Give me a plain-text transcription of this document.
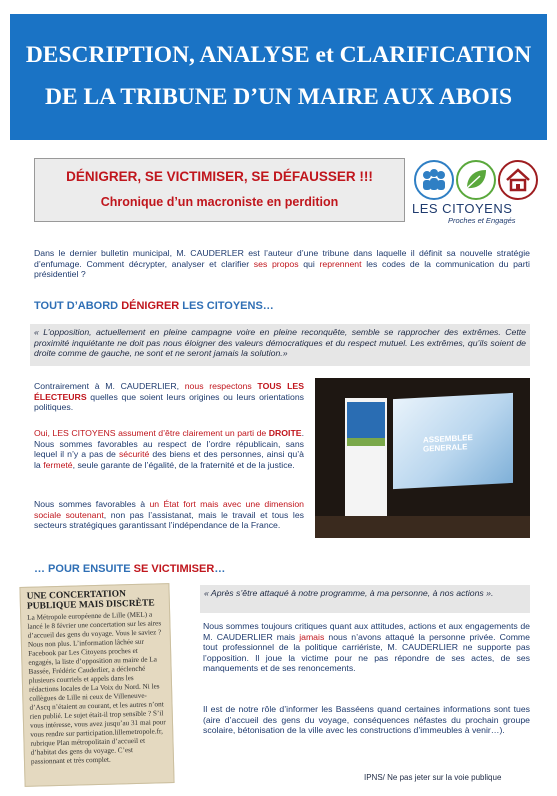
DESCRIPTION, ANALYSE et CLARIFICATION
DE LA TRIBUNE D’UN MAIRE AUX ABOIS
DÉNIGRER, SE VICTIMISER, SE DÉFAUSSER !!!
Chronique d’un macroniste en perdition	LES CITOYENS
Proches et Engagés
Dans le dernier bulletin municipal, M. CAUDERLER est l’auteur d’une tribune dans laquelle il définit sa nouvelle stratégie d’enfumage. Comment décrypter, analyser et clarifier ses propos qui reprennent les codes de la communication du parti présidentiel ?
TOUT D’ABORD DÉNIGRER LES CITOYENS…
« L’opposition, actuellement en pleine campagne voire en pleine reconquête, semble se rapprocher des extrêmes. Cette proximité inquiétante ne doit pas nous éloigner des valeurs démocratiques et du respect mutuel. Les extrêmes, qu’ils soient de droite comme de gauche, ne sont et ne seront jamais la solution.»
Contrairement à M. CAUDERLIER, nous respectons TOUS LES ÉLECTEURS quelles que soient leurs origines ou leurs orientations politiques.
Oui, LES CITOYENS assument d’être clairement un parti de DROITE. Nous sommes favorables au respect de l’ordre républicain, sans lequel il n’y a pas de sécurité des biens et des personnes, ainsi qu’à la fermeté, seule garante de l’égalité, de la fraternité et de la justice.
Nous sommes favorables à un État fort mais avec une dimension sociale soutenant, non pas l’assistanat, mais le travail et tous les secteurs stratégiques garantissant l’indépendance de la France.
ASSEMBLEE GENERALE
… POUR ENSUITE SE VICTIMISER…
UNE CONCERTATION PUBLIQUE MAIS DISCRÈTE
La Métropole européenne de Lille (MEL) a lancé le 8 février une concertation sur les aires d’accueil des gens du voyage. Vous le saviez ? Nous non plus. L’information lâchée sur Facebook par Les Citoyens proches et engagés, la liste d’opposition au maire de La Bassée, Frédéric Cauderlier, a déclenché plusieurs courriels et appels dans les rédactions locales de La Voix du Nord. Ni les collègues de Lille ni ceux de Villeneuve-d’Ascq n’étaient au courant, et les autres n’ont rien publié. Le sujet était-il trop sensible ? S’il vous intéresse, vous avez jusqu’au 31 mai pour vous rendre sur participation.lillemetropole.fr, rubrique Plan métropolitain d’accueil et d’habitat des gens du voyage. C’est passionnant et très complet.
« Après s’être attaqué à notre programme, à ma personne, à nos actions ».
Nous sommes toujours critiques quant aux attitudes, actions et aux engagements de M. CAUDERLIER mais jamais nous n’avons attaqué la personne privée. Comme tout professionnel de la politique carriériste, M. CAUDERLIER ne supporte pas l’opposition. Il joue la victime pour ne pas répondre de ses actes, de ses manquements et de ses renoncements.
Il est de notre rôle d’informer les Basséens quand certaines informations sont tues (aire d’accueil des gens du voyage, conséquences néfastes du prochain groupe scolaire, bétonisation de la ville avec les constructions d’immeubles à venir…).
IPNS/ Ne pas jeter sur la voie publique
